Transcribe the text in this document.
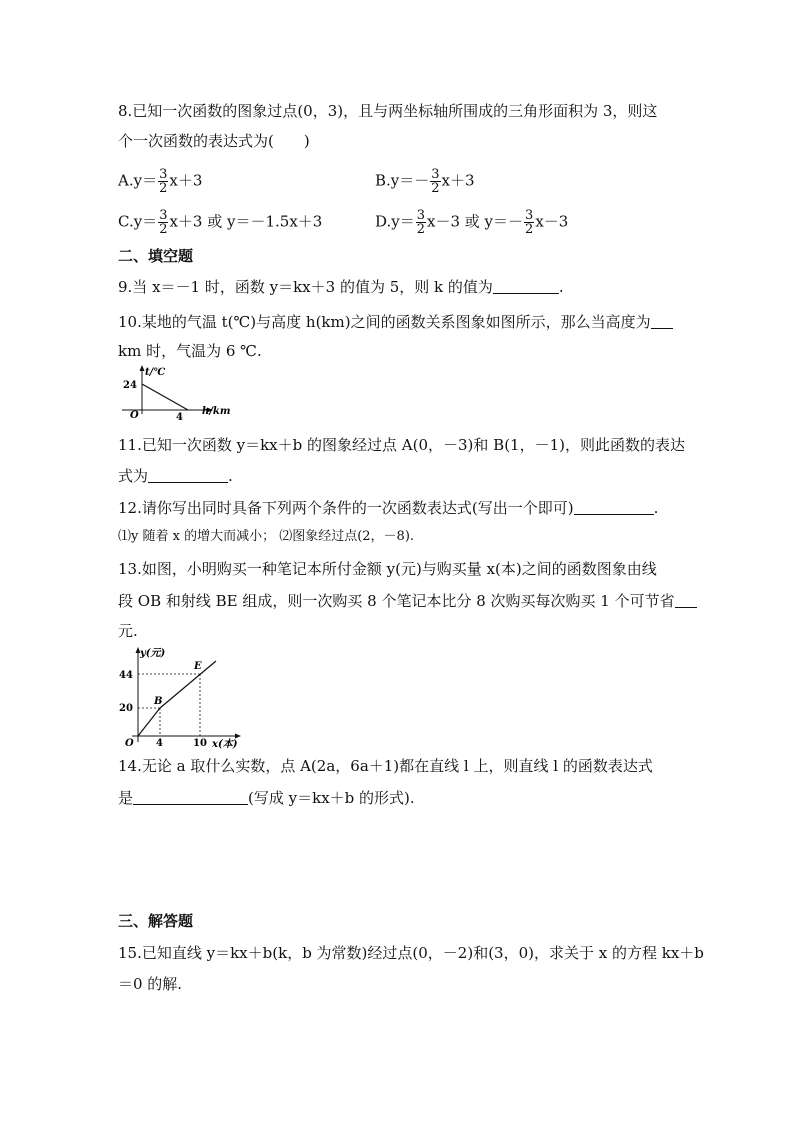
8.已知一次函数的图象过点(0，3)，且与两坐标轴所围成的三角形面积为 3，则这
个一次函数的表达式为(　　)
$A.y= \frac{3}{2} x+3$	$B.y=- \frac{3}{2} x+3$
$C.y= \frac{3}{2} x+3$ 或 y＝－1.5x＋3	$D.y= \frac{3}{2} x-3$ 或 $y=- \frac{3}{2} x-3$
二、填空题
9.当 x＝－1 时，函数 y＝kx＋3 的值为 5，则 k 的值为	.
10.某地的气温 t(℃)与高度 h(km)之间的函数关系图象如图所示，那么当高度为
km 时，气温为 6 ℃.
t/℃
24
O	4
h/km
11.已知一次函数 y＝kx＋b 的图象经过点 A(0，－3)和 B(1，－1)，则此函数的表达
式为	.
12.请你写出同时具备下列两个条件的一次函数表达式(写出一个即可)	.
⑴y 随着 x 的增大而减小； ⑵图象经过点(2，－8).
13.如图，小明购买一种笔记本所付金额 y(元)与购买量 x(本)之间的函数图象由线
段 OB 和射线 BE 组成，则一次购买 8 个笔记本比分 8 次购买每次购买 1 个可节省
元.
y(元)
44
20
O 4	10 x(本)
B
E
14.无论 a 取什么实数，点 A(2a，6a＋1)都在直线 l 上，则直线 l 的函数表达式
是	(写成 y＝kx＋b 的形式).
三、解答题
15.已知直线 y＝kx＋b(k，b 为常数)经过点(0，－2)和(3，0)，求关于 x 的方程 kx＋b
＝0 的解.
